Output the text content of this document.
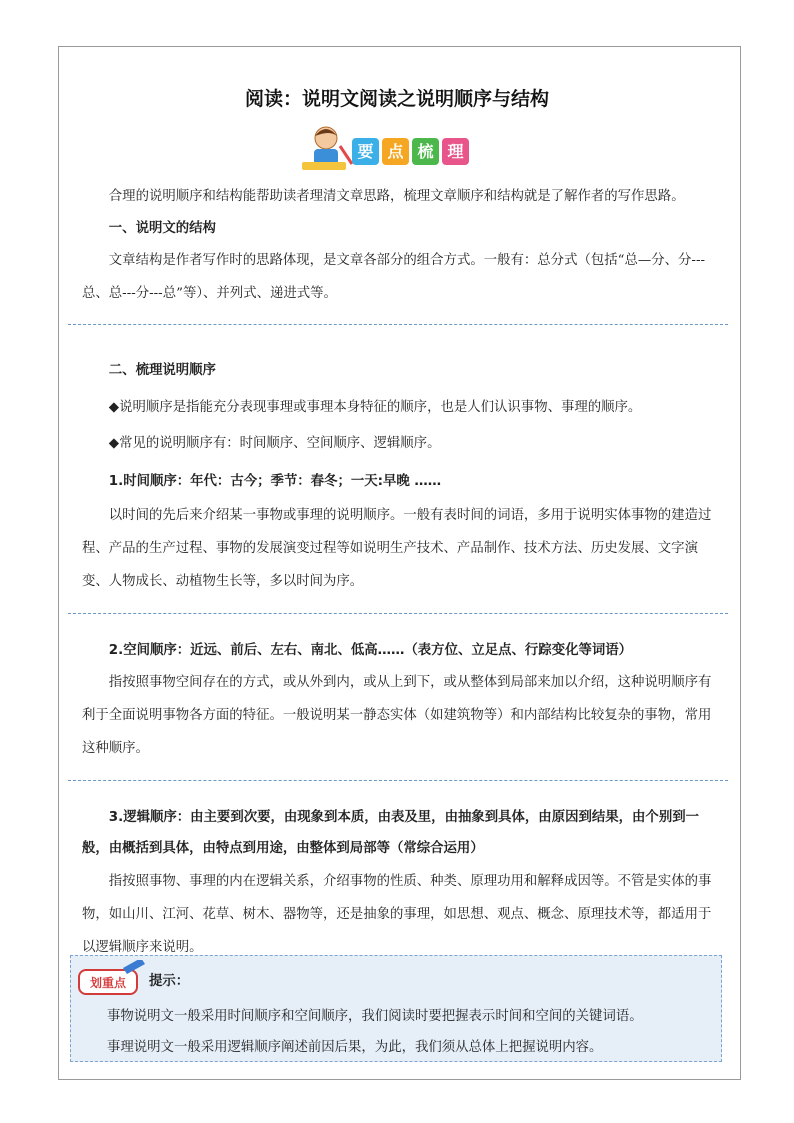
阅读：说明文阅读之说明顺序与结构
要 点 梳 理
合理的说明顺序和结构能帮助读者理清文章思路，梳理文章顺序和结构就是了解作者的写作思路。
一、说明文的结构
文章结构是作者写作时的思路体现，是文章各部分的组合方式。一般有：总分式（包括“总—分、分---总、总---分---总”等）、并列式、递进式等。
二、梳理说明顺序
◆说明顺序是指能充分表现事理或事理本身特征的顺序，也是人们认识事物、事理的顺序。
◆常见的说明顺序有：时间顺序、空间顺序、逻辑顺序。
1.时间顺序：年代：古今；季节：春冬；一天:早晚 ……
以时间的先后来介绍某一事物或事理的说明顺序。一般有表时间的词语，多用于说明实体事物的建造过程、产品的生产过程、事物的发展演变过程等如说明生产技术、产品制作、技术方法、历史发展、文字演变、人物成长、动植物生长等，多以时间为序。
2.空间顺序：近远、前后、左右、南北、低高……（表方位、立足点、行踪变化等词语）
指按照事物空间存在的方式，或从外到内，或从上到下，或从整体到局部来加以介绍，这种说明顺序有利于全面说明事物各方面的特征。一般说明某一静态实体（如建筑物等）和内部结构比较复杂的事物，常用这种顺序。
3.逻辑顺序：由主要到次要，由现象到本质，由表及里，由抽象到具体，由原因到结果，由个别到一般，由概括到具体，由特点到用途，由整体到局部等（常综合运用）
指按照事物、事理的内在逻辑关系，介绍事物的性质、种类、原理功用和解释成因等。不管是实体的事物，如山川、江河、花草、树木、器物等，还是抽象的事理，如思想、观点、概念、原理技术等，都适用于以逻辑顺序来说明。
划重点 提示：
事物说明文一般采用时间顺序和空间顺序，我们阅读时要把握表示时间和空间的关键词语。
事理说明文一般采用逻辑顺序阐述前因后果，为此，我们须从总体上把握说明内容。
